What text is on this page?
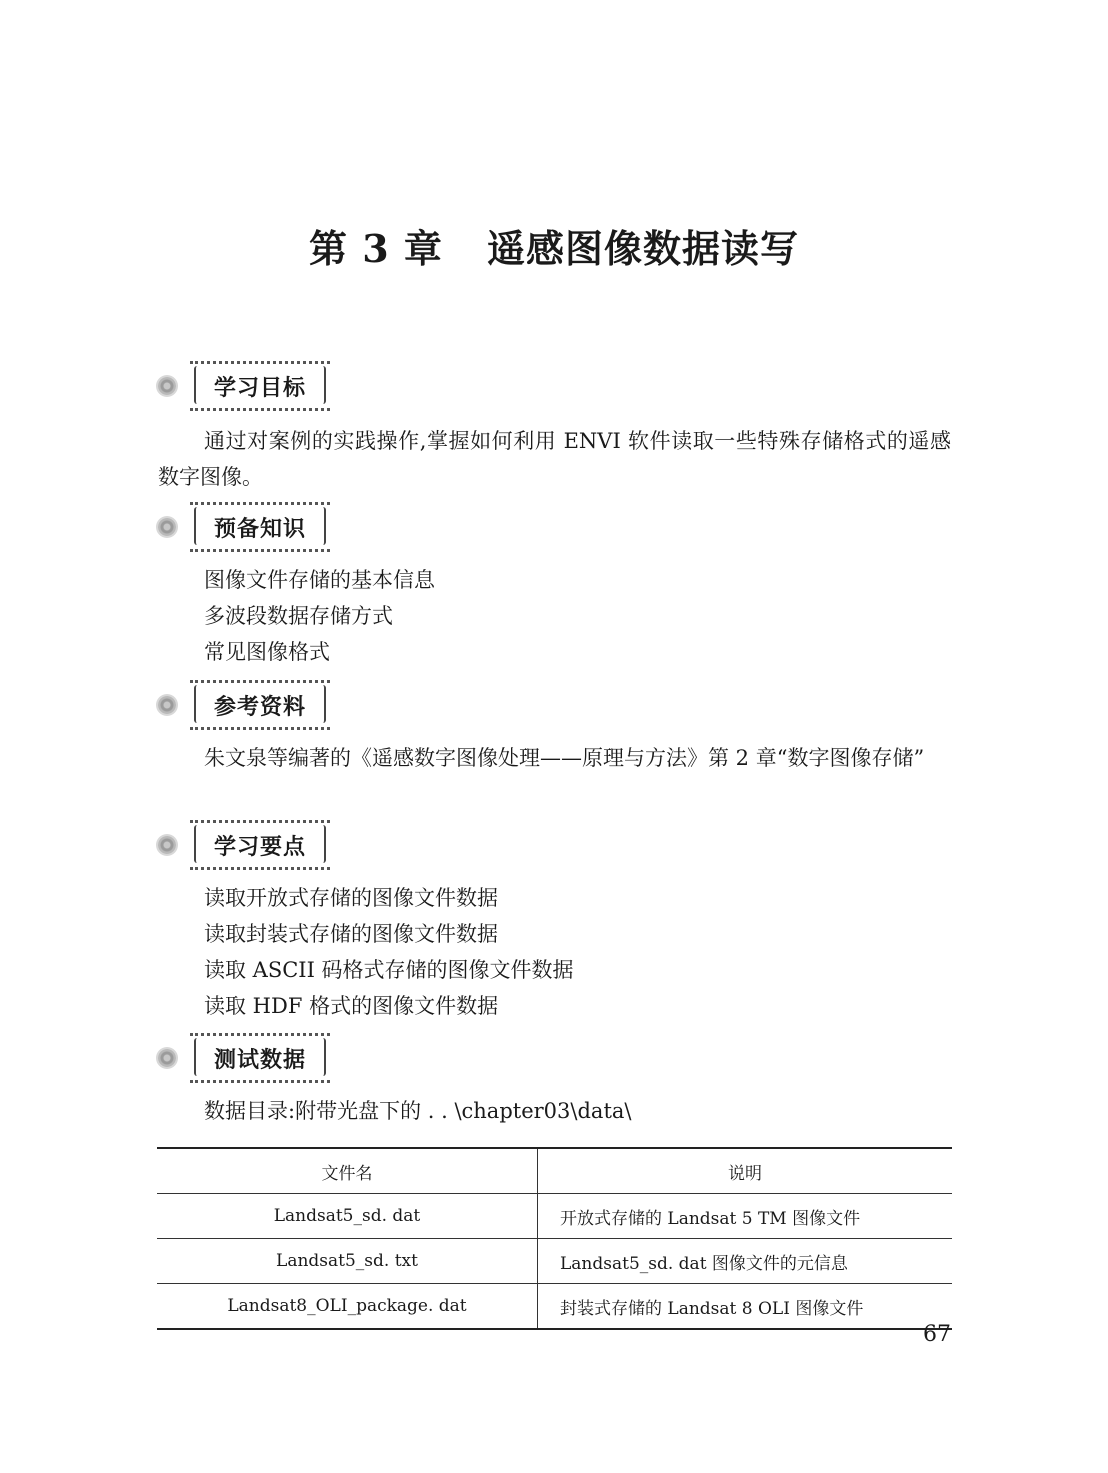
第 3 章 遥感图像数据读写
学习目标
通过对案例的实践操作,掌握如何利用 ENVI 软件读取一些特殊存储格式的遥感数字图像。
预备知识
图像文件存储的基本信息
多波段数据存储方式
常见图像格式
参考资料
朱文泉等编著的《遥感数字图像处理——原理与方法》第 2 章“数字图像存储”
学习要点
读取开放式存储的图像文件数据
读取封装式存储的图像文件数据
读取 ASCII 码格式存储的图像文件数据
读取 HDF 格式的图像文件数据
测试数据
数据目录:附带光盘下的 . . \chapter03\data\
文件名	说明
Landsat5_sd. dat	开放式存储的 Landsat 5 TM 图像文件
Landsat5_sd. txt	Landsat5_sd. dat 图像文件的元信息
Landsat8_OLI_package. dat	封装式存储的 Landsat 8 OLI 图像文件
67
